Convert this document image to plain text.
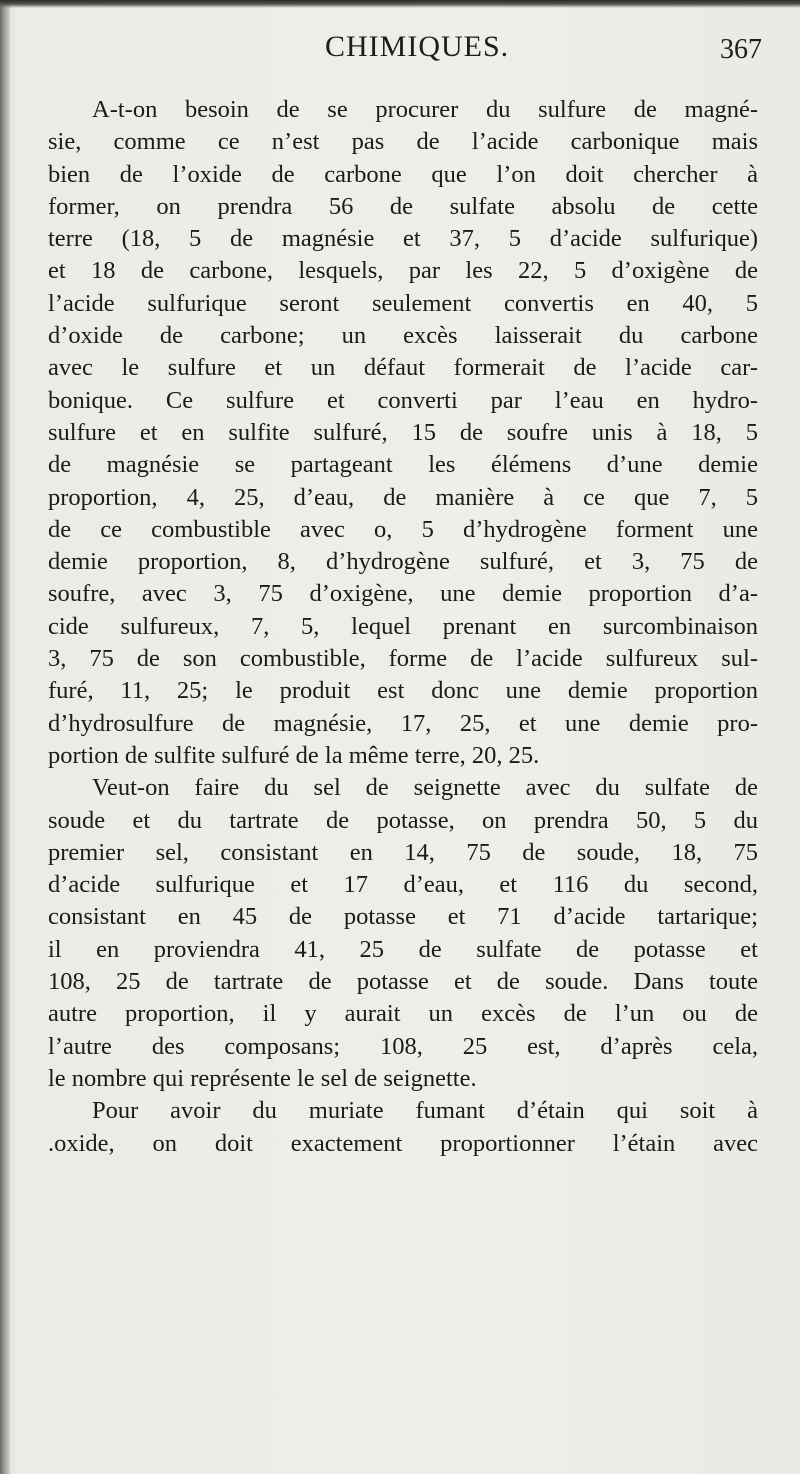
CHIMIQUES.	367
A-t-on besoin de se procurer du sulfure de magné-
sie, comme ce n’est pas de l’acide carbonique mais
bien de l’oxide de carbone que l’on doit chercher à
former, on prendra 56 de sulfate absolu de cette
terre (18, 5 de magnésie et 37, 5 d’acide sulfurique)
et 18 de carbone, lesquels, par les 22, 5 d’oxigène de
l’acide sulfurique seront seulement convertis en 40, 5
d’oxide de carbone; un excès laisserait du carbone
avec le sulfure et un défaut formerait de l’acide car-
bonique. Ce sulfure et converti par l’eau en hydro-
sulfure et en sulfite sulfuré, 15 de soufre unis à 18, 5
de magnésie se partageant les élémens d’une demie
proportion, 4, 25, d’eau, de manière à ce que 7, 5
de ce combustible avec o, 5 d’hydrogène forment une
demie proportion, 8, d’hydrogène sulfuré, et 3, 75 de
soufre, avec 3, 75 d’oxigène, une demie proportion d’a-
cide sulfureux, 7, 5, lequel prenant en surcombinaison
3, 75 de son combustible, forme de l’acide sulfureux sul-
furé, 11, 25; le produit est donc une demie proportion
d’hydrosulfure de magnésie, 17, 25, et une demie pro-
portion de sulfite sulfuré de la même terre, 20, 25.
Veut-on faire du sel de seignette avec du sulfate de
soude et du tartrate de potasse, on prendra 50, 5 du
premier sel, consistant en 14, 75 de soude, 18, 75
d’acide sulfurique et 17 d’eau, et 116 du second,
consistant en 45 de potasse et 71 d’acide tartarique;
il en proviendra 41, 25 de sulfate de potasse et
108, 25 de tartrate de potasse et de soude. Dans toute
autre proportion, il y aurait un excès de l’un ou de
l’autre des composans; 108, 25 est, d’après cela,
le nombre qui représente le sel de seignette.
Pour avoir du muriate fumant d’étain qui soit à
.oxide, on doit exactement proportionner l’étain avec
